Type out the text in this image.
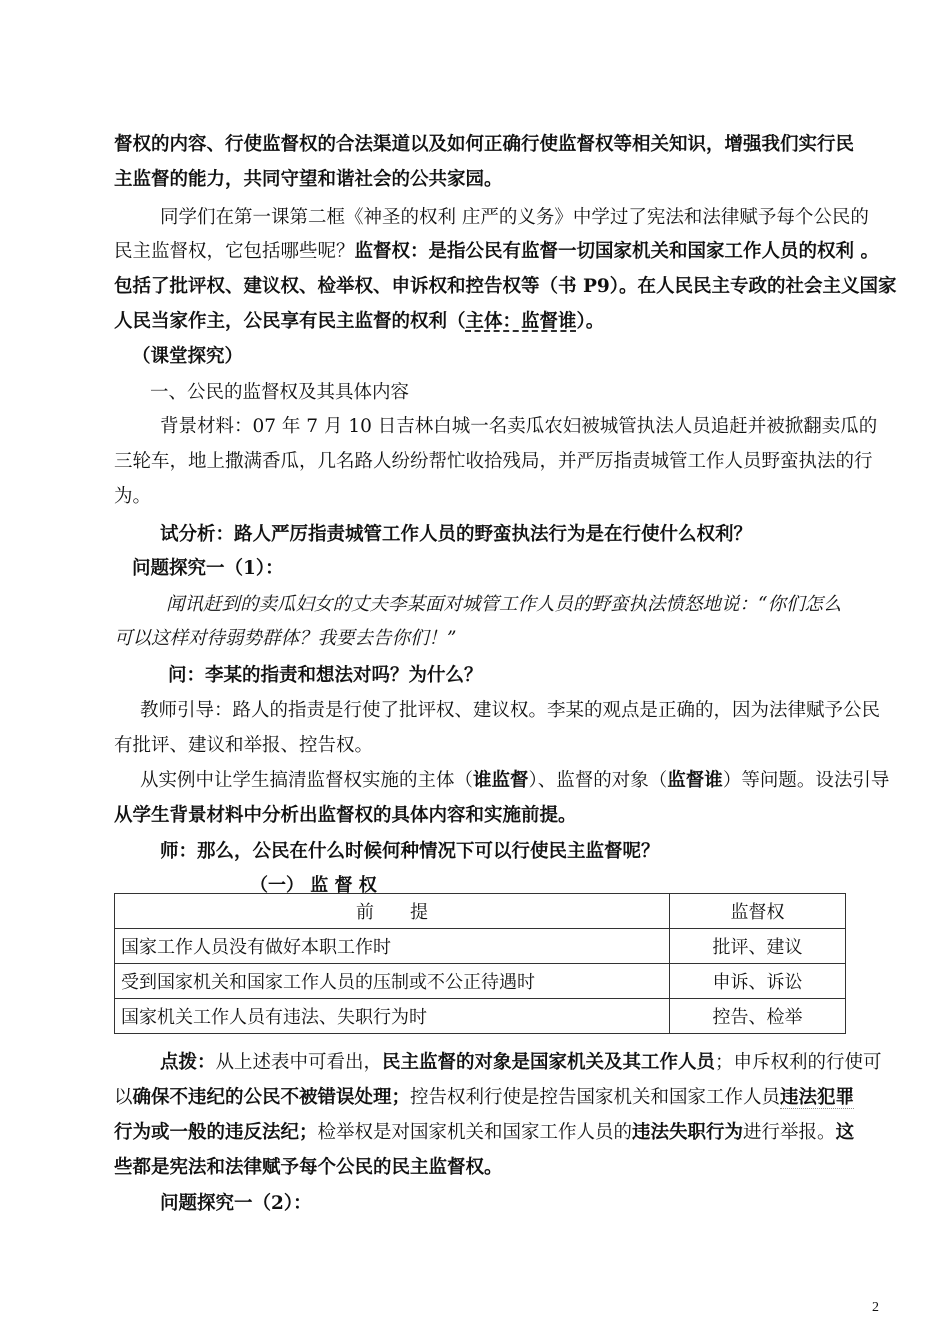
督权的内容、行使监督权的合法渠道以及如何正确行使监督权等相关知识，增强我们实行民
主监督的能力，共同守望和谐社会的公共家园。
同学们在第一课第二框《神圣的权利 庄严的义务》中学过了宪法和法律赋予每个公民的
民主监督权，它包括哪些呢？监督权：是指公民有监督一切国家机关和国家工作人员的权利 。
包括了批评权、建议权、检举权、申诉权和控告权等（书 P9）。在人民民主专政的社会主义国家
人民当家作主，公民享有民主监督的权利（主体：监督谁）。
（课堂探究）
一、公民的监督权及其具体内容
背景材料：07 年 7 月 10 日吉林白城一名卖瓜农妇被城管执法人员追赶并被掀翻卖瓜的
三轮车，地上撒满香瓜，几名路人纷纷帮忙收拾残局，并严厉指责城管工作人员野蛮执法的行
为。
试分析：路人严厉指责城管工作人员的野蛮执法行为是在行使什么权利？
问题探究一（1）：
闻讯赶到的卖瓜妇女的丈夫李某面对城管工作人员的野蛮执法愤怒地说：“你们怎么
可以这样对待弱势群体？我要去告你们！”
问：李某的指责和想法对吗？为什么？
教师引导：路人的指责是行使了批评权、建议权。李某的观点是正确的，因为法律赋予公民
有批评、建议和举报、控告权。
从实例中让学生搞清监督权实施的主体（谁监督）、监督的对象（监督谁）等问题。设法引导
从学生背景材料中分析出监督权的具体内容和实施前提。
师：那么，公民在什么时候何种情况下可以行使民主监督呢？
（一） 监 督 权
前　　提	监督权
国家工作人员没有做好本职工作时	批评、建议
受到国家机关和国家工作人员的压制或不公正待遇时	申诉、诉讼
国家机关工作人员有违法、失职行为时	控告、检举
点拨：从上述表中可看出，民主监督的对象是国家机关及其工作人员；申斥权利的行使可
以确保不违纪的公民不被错误处理；控告权利行使是控告国家机关和国家工作人员违法犯罪
行为或一般的违反法纪；检举权是对国家机关和国家工作人员的违法失职行为进行举报。这
些都是宪法和法律赋予每个公民的民主监督权。
问题探究一（2）：
2
